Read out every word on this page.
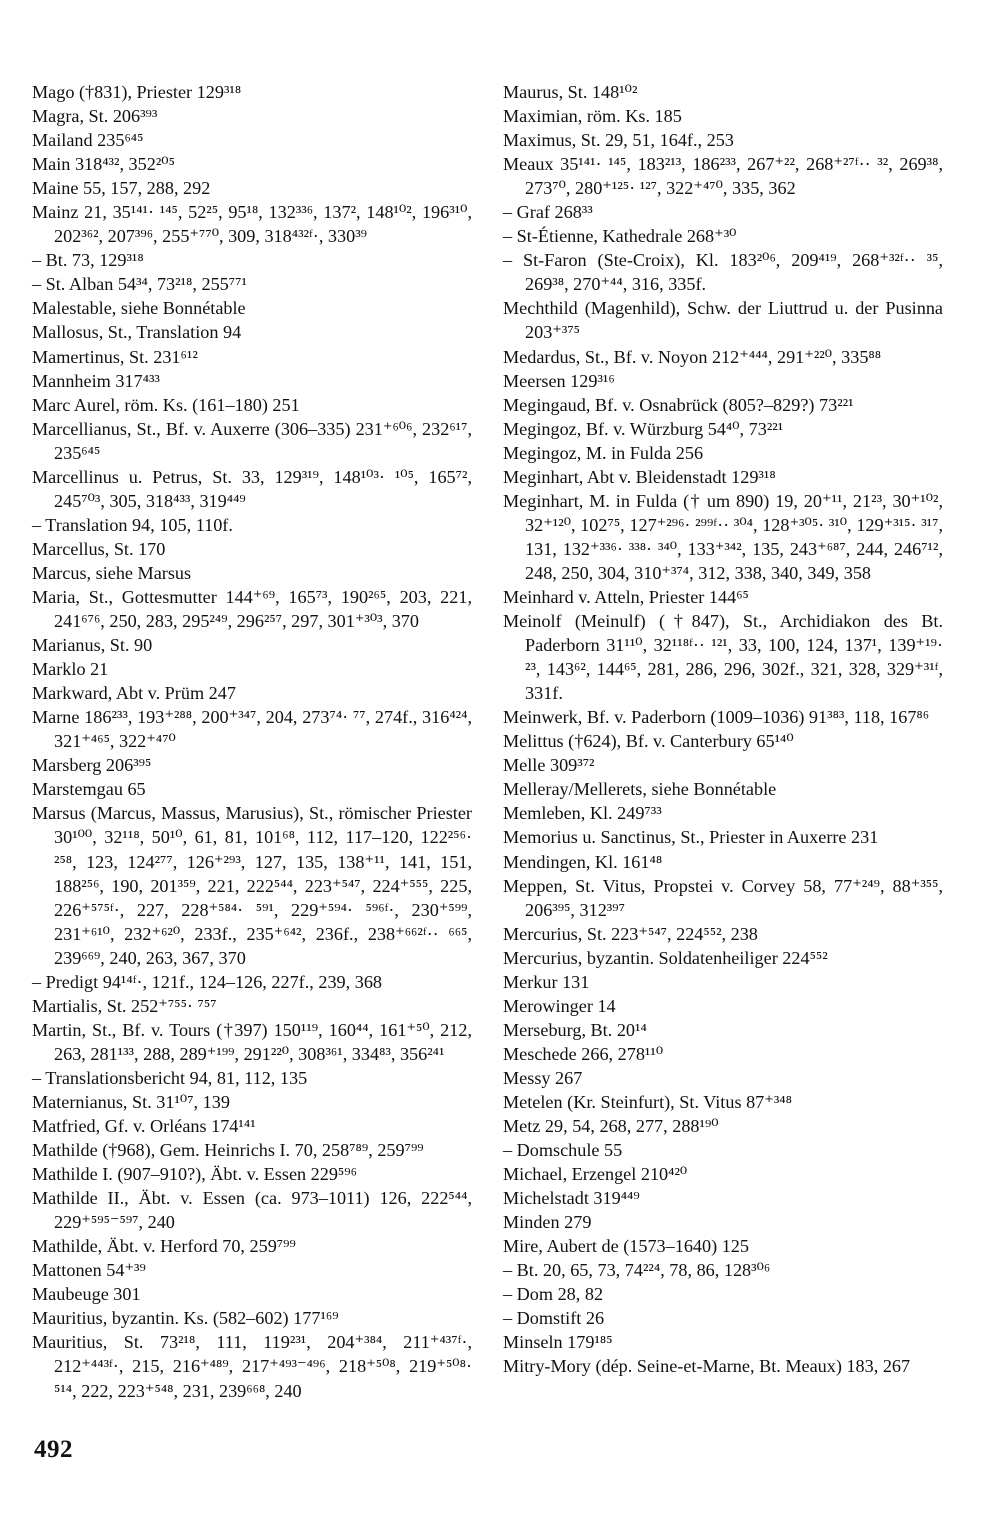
Mago (†831), Priester 129³¹⁸
Magra, St. 206³⁹³
Mailand 235⁶⁴⁵
Main 318⁴³², 352²⁰⁵
Maine 55, 157, 288, 292
Mainz 21, 35¹⁴¹· ¹⁴⁵, 52²⁵, 95¹⁸, 132³³⁶, 137², 148¹⁰², 196³¹⁰, 202³⁶², 207³⁹⁶, 255⁺⁷⁷⁰, 309, 318⁴³²ᶠ·, 330³⁹
– Bt. 73, 129³¹⁸
– St. Alban 54³⁴, 73²¹⁸, 255⁷⁷¹
Malestable, siehe Bonnétable
Mallosus, St., Translation 94
Mamertinus, St. 231⁶¹²
Mannheim 317⁴³³
Marc Aurel, röm. Ks. (161–180) 251
Marcellianus, St., Bf. v. Auxerre (306–335) 231⁺⁶⁰⁶, 232⁶¹⁷, 235⁶⁴⁵
Marcellinus u. Petrus, St. 33, 129³¹⁹, 148¹⁰³· ¹⁰⁵, 165⁷², 245⁷⁰³, 305, 318⁴³³, 319⁴⁴⁹
– Translation 94, 105, 110f.
Marcellus, St. 170
Marcus, siehe Marsus
Maria, St., Gottesmutter 144⁺⁶⁹, 165⁷³, 190²⁶⁵, 203, 221, 241⁶⁷⁶, 250, 283, 295²⁴⁹, 296²⁵⁷, 297, 301⁺³⁰³, 370
Marianus, St. 90
Marklo 21
Markward, Abt v. Prüm 247
Marne 186²³³, 193⁺²⁸⁸, 200⁺³⁴⁷, 204, 273⁷⁴· ⁷⁷, 274f., 316⁴²⁴, 321⁺⁴⁶⁵, 322⁺⁴⁷⁰
Marsberg 206³⁹⁵
Marstemgau 65
Marsus (Marcus, Massus, Marusius), St., römischer Priester 30¹⁰⁰, 32¹¹⁸, 50¹⁰, 61, 81, 101⁶⁸, 112, 117–120, 122²⁵⁶· ²⁵⁸, 123, 124²⁷⁷, 126⁺²⁹³, 127, 135, 138⁺¹¹, 141, 151, 188²⁵⁶, 190, 201³⁵⁹, 221, 222⁵⁴⁴, 223⁺⁵⁴⁷, 224⁺⁵⁵⁵, 225, 226⁺⁵⁷⁵ᶠ·, 227, 228⁺⁵⁸⁴· ⁵⁹¹, 229⁺⁵⁹⁴· ⁵⁹⁶ᶠ·, 230⁺⁵⁹⁹, 231⁺⁶¹⁰, 232⁺⁶²⁰, 233f., 235⁺⁶⁴², 236f., 238⁺⁶⁶²ᶠ·· ⁶⁶⁵, 239⁶⁶⁹, 240, 263, 367, 370
– Predigt 94¹⁴ᶠ·, 121f., 124–126, 227f., 239, 368
Martialis, St. 252⁺⁷⁵⁵· ⁷⁵⁷
Martin, St., Bf. v. Tours (†397) 150¹¹⁹, 160⁴⁴, 161⁺⁵⁰, 212, 263, 281¹³³, 288, 289⁺¹⁹⁹, 291²²⁰, 308³⁶¹, 334⁸³, 356²⁴¹
– Translationsbericht 94, 81, 112, 135
Maternianus, St. 31¹⁰⁷, 139
Matfried, Gf. v. Orléans 174¹⁴¹
Mathilde (†968), Gem. Heinrichs I. 70, 258⁷⁸⁹, 259⁷⁹⁹
Mathilde I. (907–910?), Äbt. v. Essen 229⁵⁹⁶
Mathilde II., Äbt. v. Essen (ca. 973–1011) 126, 222⁵⁴⁴, 229⁺⁵⁹⁵⁻⁵⁹⁷, 240
Mathilde, Äbt. v. Herford 70, 259⁷⁹⁹
Mattonen 54⁺³⁹
Maubeuge 301
Mauritius, byzantin. Ks. (582–602) 177¹⁶⁹
Mauritius, St. 73²¹⁸, 111, 119²³¹, 204⁺³⁸⁴, 211⁺⁴³⁷ᶠ·, 212⁺⁴⁴³ᶠ·, 215, 216⁺⁴⁸⁹, 217⁺⁴⁹³⁻⁴⁹⁶, 218⁺⁵⁰⁸, 219⁺⁵⁰⁸· ⁵¹⁴, 222, 223⁺⁵⁴⁸, 231, 239⁶⁶⁸, 240
Maurus, St. 148¹⁰²
Maximian, röm. Ks. 185
Maximus, St. 29, 51, 164f., 253
Meaux 35¹⁴¹· ¹⁴⁵, 183²¹³, 186²³³, 267⁺²², 268⁺²⁷ᶠ·· ³², 269³⁸, 273⁷⁰, 280⁺¹²⁵· ¹²⁷, 322⁺⁴⁷⁰, 335, 362
– Graf 268³³
– St-Étienne, Kathedrale 268⁺³⁰
– St-Faron (Ste-Croix), Kl. 183²⁰⁶, 209⁴¹⁹, 268⁺³²ᶠ·· ³⁵, 269³⁸, 270⁺⁴⁴, 316, 335f.
Mechthild (Magenhild), Schw. der Liuttrud u. der Pusinna 203⁺³⁷⁵
Medardus, St., Bf. v. Noyon 212⁺⁴⁴⁴, 291⁺²²⁰, 335⁸⁸
Meersen 129³¹⁶
Megingaud, Bf. v. Osnabrück (805?–829?) 73²²¹
Megingoz, Bf. v. Würzburg 54⁴⁰, 73²²¹
Megingoz, M. in Fulda 256
Meginhart, Abt v. Bleidenstadt 129³¹⁸
Meginhart, M. in Fulda († um 890) 19, 20⁺¹¹, 21²³, 30⁺¹⁰², 32⁺¹²⁰, 102⁷⁵, 127⁺²⁹⁶· ²⁹⁹ᶠ·· ³⁰⁴, 128⁺³⁰⁵· ³¹⁰, 129⁺³¹⁵· ³¹⁷, 131, 132⁺³³⁶· ³³⁸· ³⁴⁰, 133⁺³⁴², 135, 243⁺⁶⁸⁷, 244, 246⁷¹², 248, 250, 304, 310⁺³⁷⁴, 312, 338, 340, 349, 358
Meinhard v. Atteln, Priester 144⁶⁵
Meinolf (Meinulf) (†847), St., Archidiakon des Bt. Paderborn 31¹¹⁰, 32¹¹⁸ᶠ·· ¹²¹, 33, 100, 124, 137¹, 139⁺¹⁹· ²³, 143⁶², 144⁶⁵, 281, 286, 296, 302f., 321, 328, 329⁺³¹ᶠ, 331f.
Meinwerk, Bf. v. Paderborn (1009–1036) 91³⁸³, 118, 167⁸⁶
Melittus (†624), Bf. v. Canterbury 65¹⁴⁰
Melle 309³⁷²
Melleray/Mellerets, siehe Bonnétable
Memleben, Kl. 249⁷³³
Memorius u. Sanctinus, St., Priester in Auxerre 231
Mendingen, Kl. 161⁴⁸
Meppen, St. Vitus, Propstei v. Corvey 58, 77⁺²⁴⁹, 88⁺³⁵⁵, 206³⁹⁵, 312³⁹⁷
Mercurius, St. 223⁺⁵⁴⁷, 224⁵⁵², 238
Mercurius, byzantin. Soldatenheiliger 224⁵⁵²
Merkur 131
Merowinger 14
Merseburg, Bt. 20¹⁴
Meschede 266, 278¹¹⁰
Messy 267
Metelen (Kr. Steinfurt), St. Vitus 87⁺³⁴⁸
Metz 29, 54, 268, 277, 288¹⁹⁰
– Domschule 55
Michael, Erzengel 210⁴²⁰
Michelstadt 319⁴⁴⁹
Minden 279
Mire, Aubert de (1573–1640) 125
– Bt. 20, 65, 73, 74²²⁴, 78, 86, 128³⁰⁶
– Dom 28, 82
– Domstift 26
Minseln 179¹⁸⁵
Mitry-Mory (dép. Seine-et-Marne, Bt. Meaux) 183, 267
492
